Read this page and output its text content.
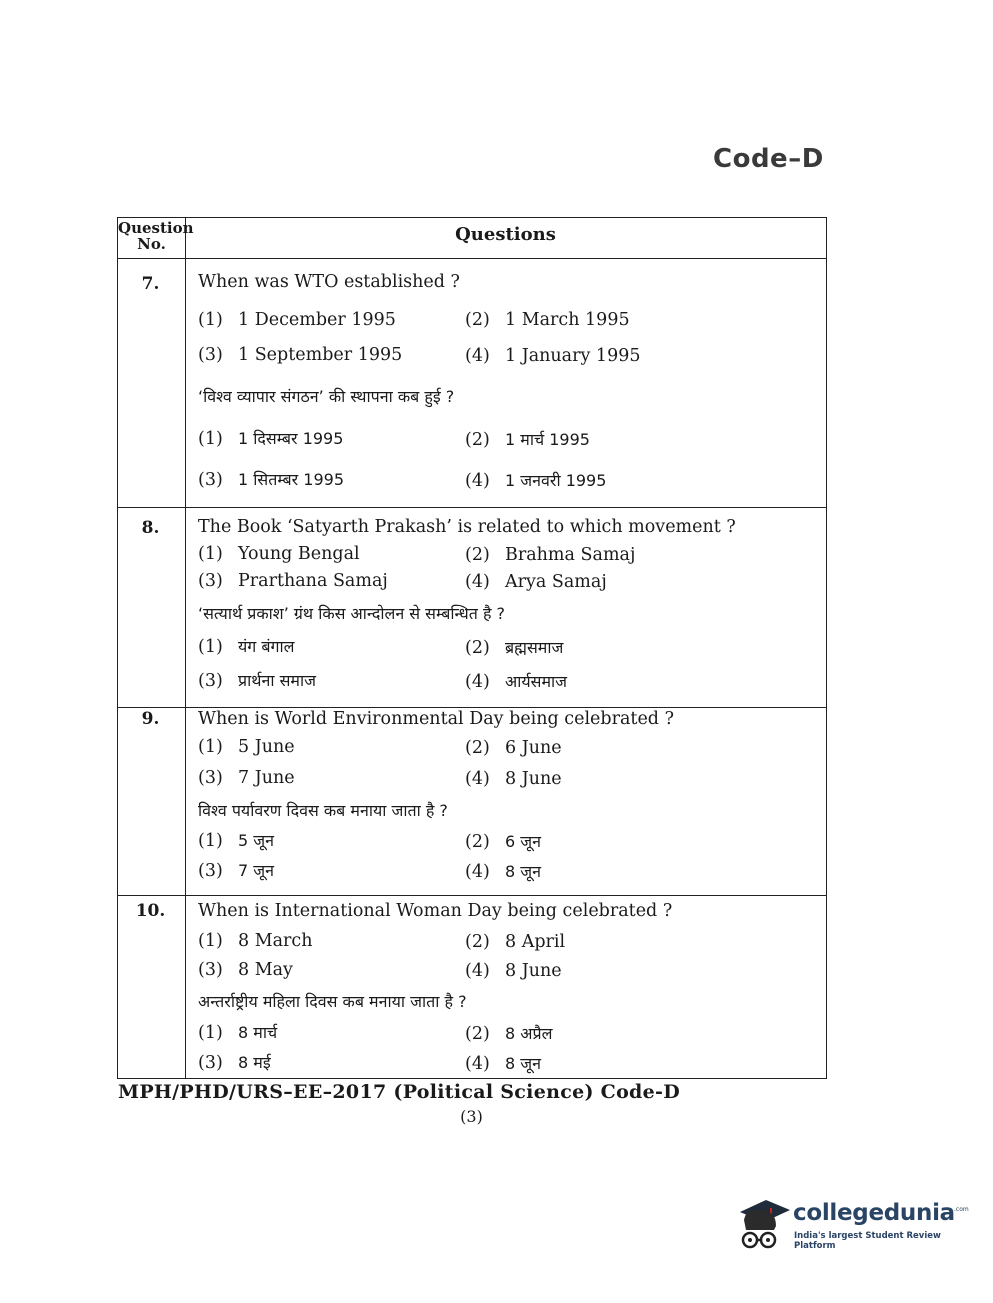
Code–D
Question No.	Questions
7.	When was WTO established ?
(1) 1 December 1995	(2) 1 March 1995
(3) 1 September 1995	(4) 1 January 1995
‘विश्व व्यापार संगठन’ की स्थापना कब हुई ?
(1) 1 दिसम्बर 1995	(2) 1 मार्च 1995
(3) 1 सितम्बर 1995	(4) 1 जनवरी 1995
8.	The Book ‘Satyarth Prakash’ is related to which movement ?
(1) Young Bengal	(2) Brahma Samaj
(3) Prarthana Samaj	(4) Arya Samaj
‘सत्यार्थ प्रकाश’ ग्रंथ किस आन्दोलन से सम्बन्धित है ?
(1) यंग बंगाल	(2) ब्रह्मसमाज
(3) प्रार्थना समाज	(4) आर्यसमाज
9.	When is World Environmental Day being celebrated ?
(1) 5 June	(2) 6 June
(3) 7 June	(4) 8 June
विश्व पर्यावरण दिवस कब मनाया जाता है ?
(1) 5 जून	(2) 6 जून
(3) 7 जून	(4) 8 जून
10.	When is International Woman Day being celebrated ?
(1) 8 March	(2) 8 April
(3) 8 May	(4) 8 June
अन्तर्राष्ट्रीय महिला दिवस कब मनाया जाता है ?
(1) 8 मार्च	(2) 8 अप्रैल
(3) 8 मई	(4) 8 जून
MPH/PHD/URS–EE–2017 (Political Science) Code-D
(3)
collegedunia .com
India's largest Student Review Platform
